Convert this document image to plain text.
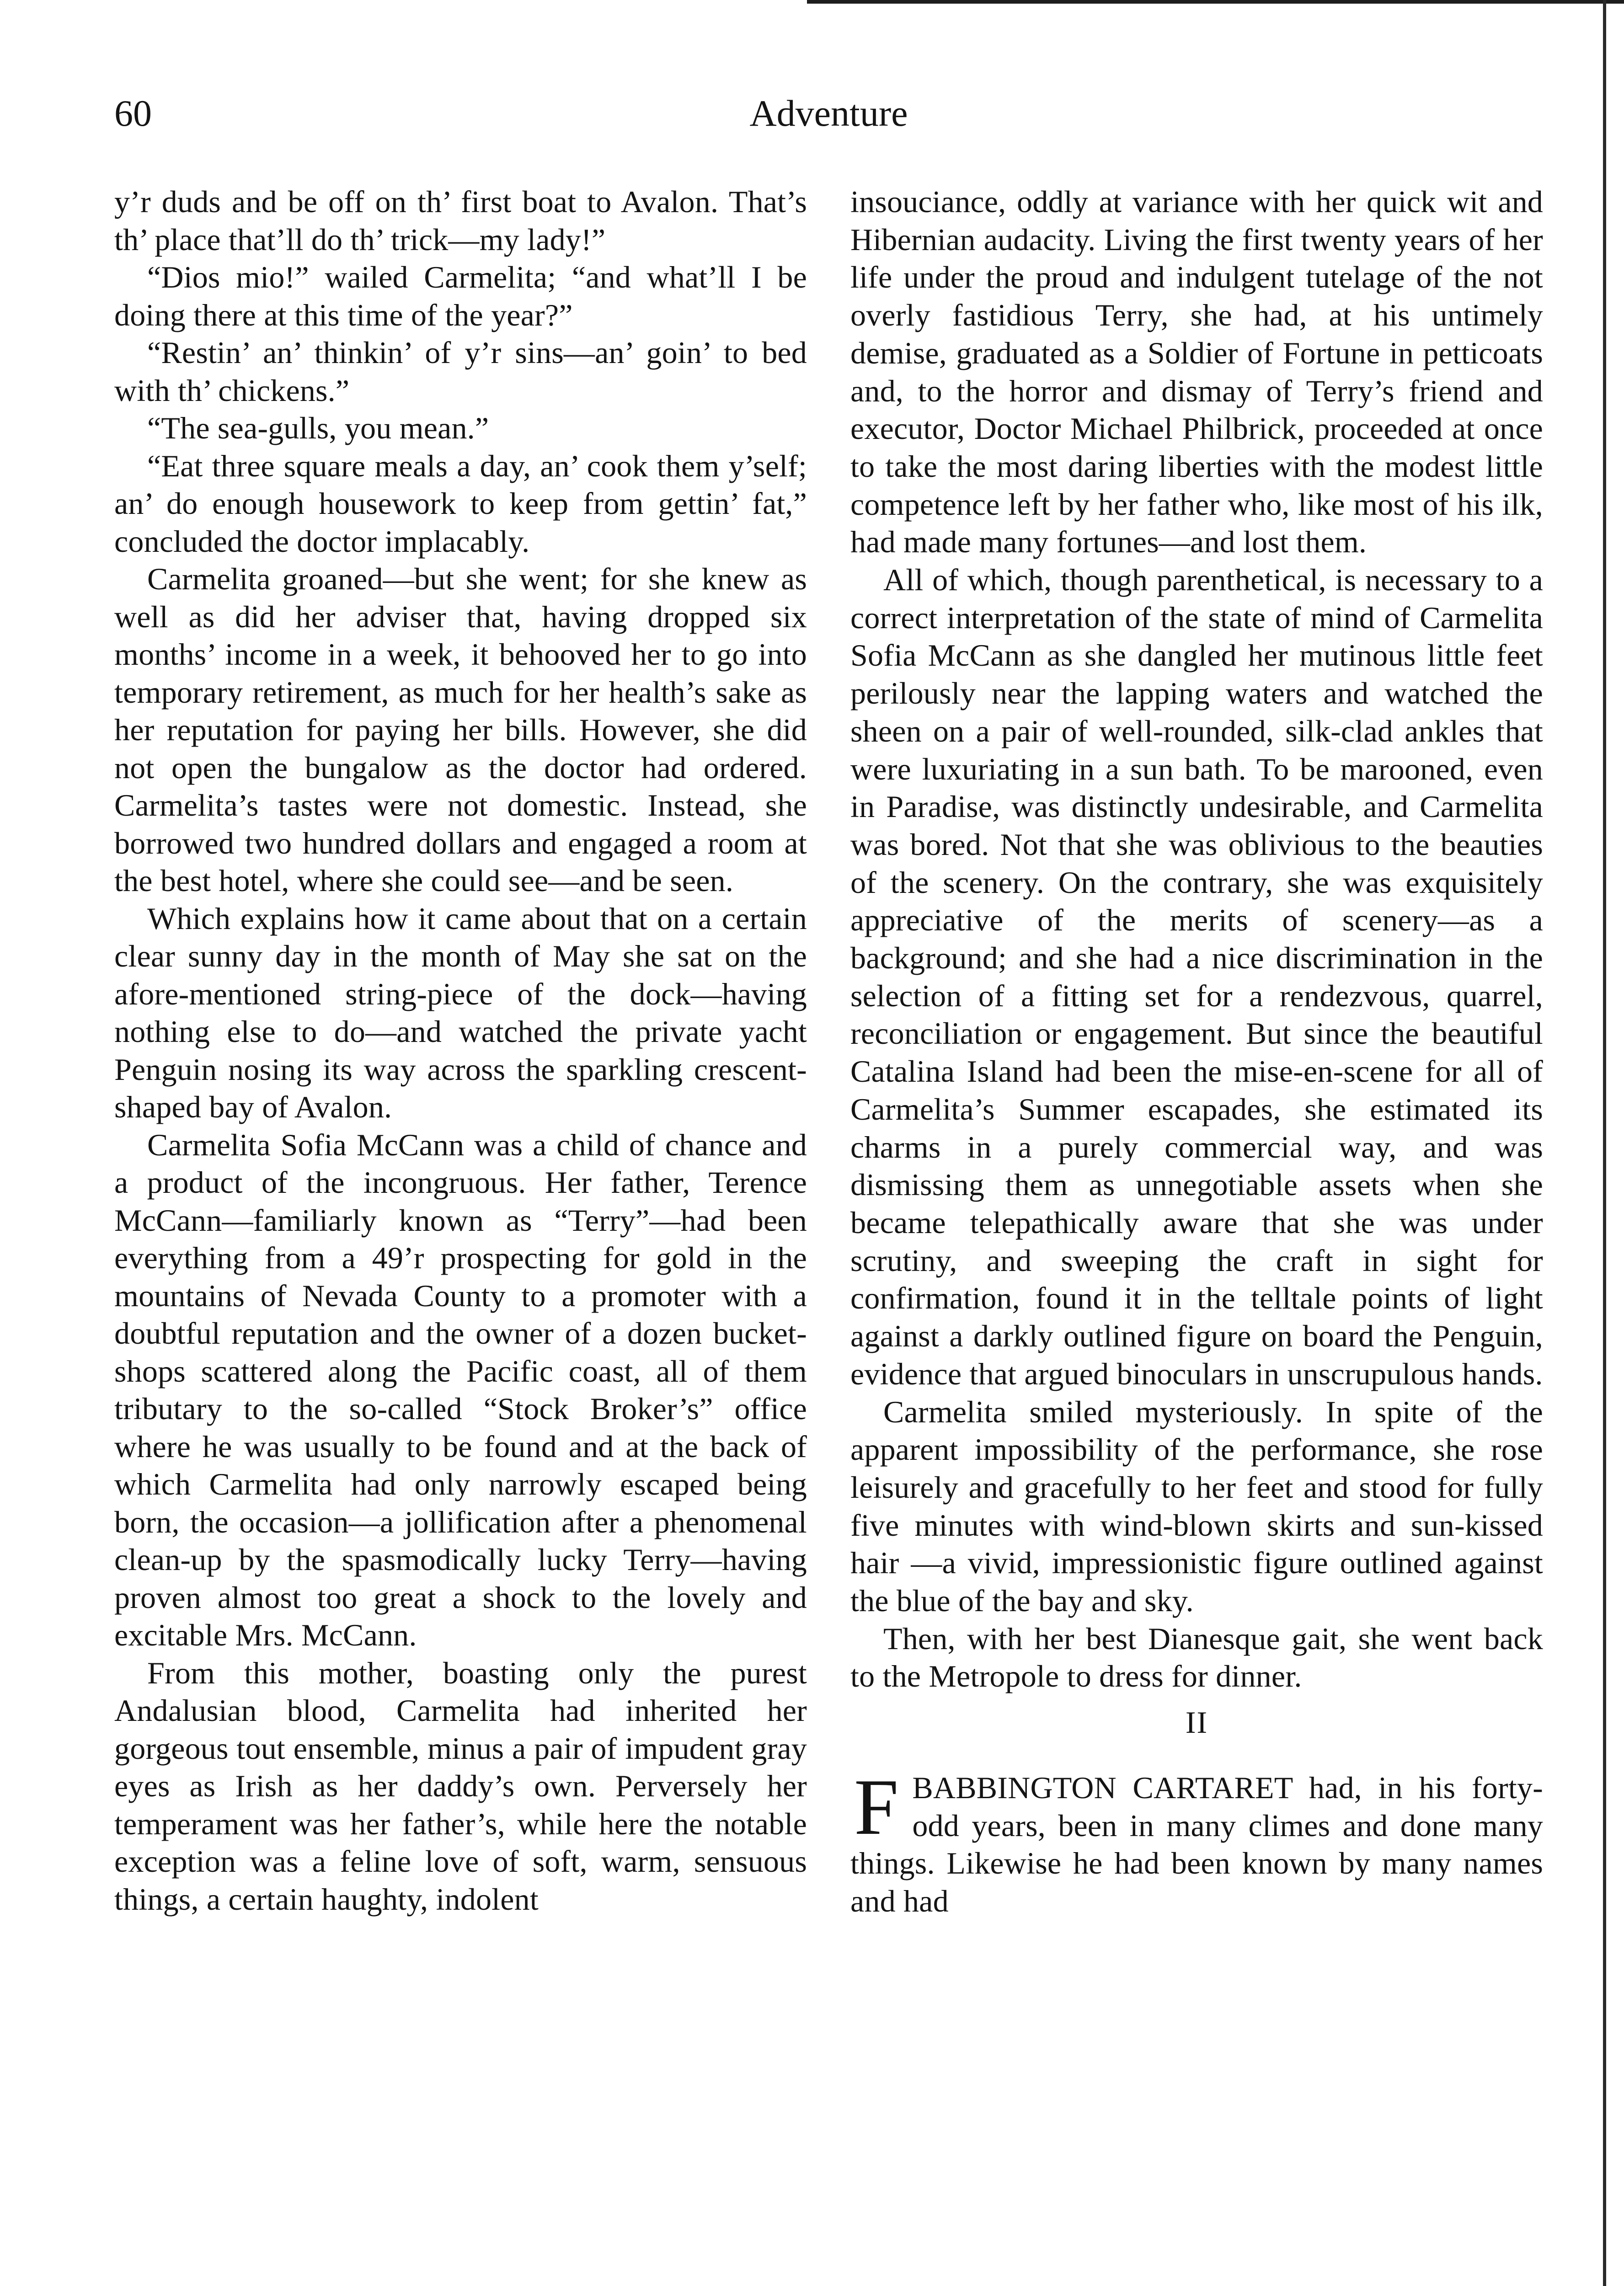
60	Adventure

y’r duds and be off on th’ first boat to Avalon. That’s th’ place that’ll do th’ trick—my lady!”

“Dios mio!” wailed Carmelita; “and what’ll I be doing there at this time of the year?”

“Restin’ an’ thinkin’ of y’r sins—an’ goin’ to bed with th’ chickens.”

“The sea-gulls, you mean.”

“Eat three square meals a day, an’ cook them y’self; an’ do enough housework to keep from gettin’ fat,” concluded the doctor implacably.

Carmelita groaned—but she went; for she knew as well as did her adviser that, having dropped six months’ income in a week, it behooved her to go into temporary retirement, as much for her health’s sake as her reputation for paying her bills. However, she did not open the bungalow as the doctor had ordered. Carmelita’s tastes were not domestic. Instead, she borrowed two hundred dollars and engaged a room at the best hotel, where she could see—and be seen.

Which explains how it came about that on a certain clear sunny day in the month of May she sat on the afore-mentioned string-piece of the dock—having nothing else to do—and watched the private yacht Penguin nosing its way across the sparkling crescent-shaped bay of Avalon.

Carmelita Sofia McCann was a child of chance and a product of the incongruous. Her father, Terence McCann—familiarly known as “Terry”—had been everything from a 49’r prospecting for gold in the mountains of Nevada County to a promoter with a doubtful reputation and the owner of a dozen bucket-shops scattered along the Pacific coast, all of them tributary to the so-called “Stock Broker’s” office where he was usually to be found and at the back of which Carmelita had only narrowly escaped being born, the occasion—a jollification after a phenomenal clean-up by the spasmodically lucky Terry—having proven almost too great a shock to the lovely and excitable Mrs. McCann.

From this mother, boasting only the purest Andalusian blood, Carmelita had inherited her gorgeous tout ensemble, minus a pair of impudent gray eyes as Irish as her daddy’s own. Perversely her temperament was her father’s, while here the notable exception was a feline love of soft, warm, sensuous things, a certain haughty, indolent

insouciance, oddly at variance with her quick wit and Hibernian audacity. Living the first twenty years of her life under the proud and indulgent tutelage of the not overly fastidious Terry, she had, at his untimely demise, graduated as a Soldier of Fortune in petticoats and, to the horror and dismay of Terry’s friend and executor, Doctor Michael Philbrick, proceeded at once to take the most daring liberties with the modest little competence left by her father who, like most of his ilk, had made many fortunes—and lost them.

All of which, though parenthetical, is necessary to a correct interpretation of the state of mind of Carmelita Sofia McCann as she dangled her mutinous little feet perilously near the lapping waters and watched the sheen on a pair of well-rounded, silk-clad ankles that were luxuriating in a sun bath. To be marooned, even in Paradise, was distinctly undesirable, and Carmelita was bored. Not that she was oblivious to the beauties of the scenery. On the contrary, she was exquisitely appreciative of the merits of scenery—as a background; and she had a nice discrimination in the selection of a fitting set for a rendezvous, quarrel, reconciliation or engagement. But since the beautiful Catalina Island had been the mise-en-scene for all of Carmelita’s Summer escapades, she estimated its charms in a purely commercial way, and was dismissing them as unnegotiable assets when she became telepathically aware that she was under scrutiny, and sweeping the craft in sight for confirmation, found it in the telltale points of light against a darkly outlined figure on board the Penguin, evidence that argued binoculars in unscrupulous hands.

Carmelita smiled mysteriously. In spite of the apparent impossibility of the performance, she rose leisurely and gracefully to her feet and stood for fully five minutes with wind-blown skirts and sun-kissed hair —a vivid, impressionistic figure outlined against the blue of the bay and sky.

Then, with her best Dianesque gait, she went back to the Metropole to dress for dinner.

II
F BABBINGTON CARTARET had, in his forty-odd years, been in many climes and done many things. Likewise he had been known by many names and had
